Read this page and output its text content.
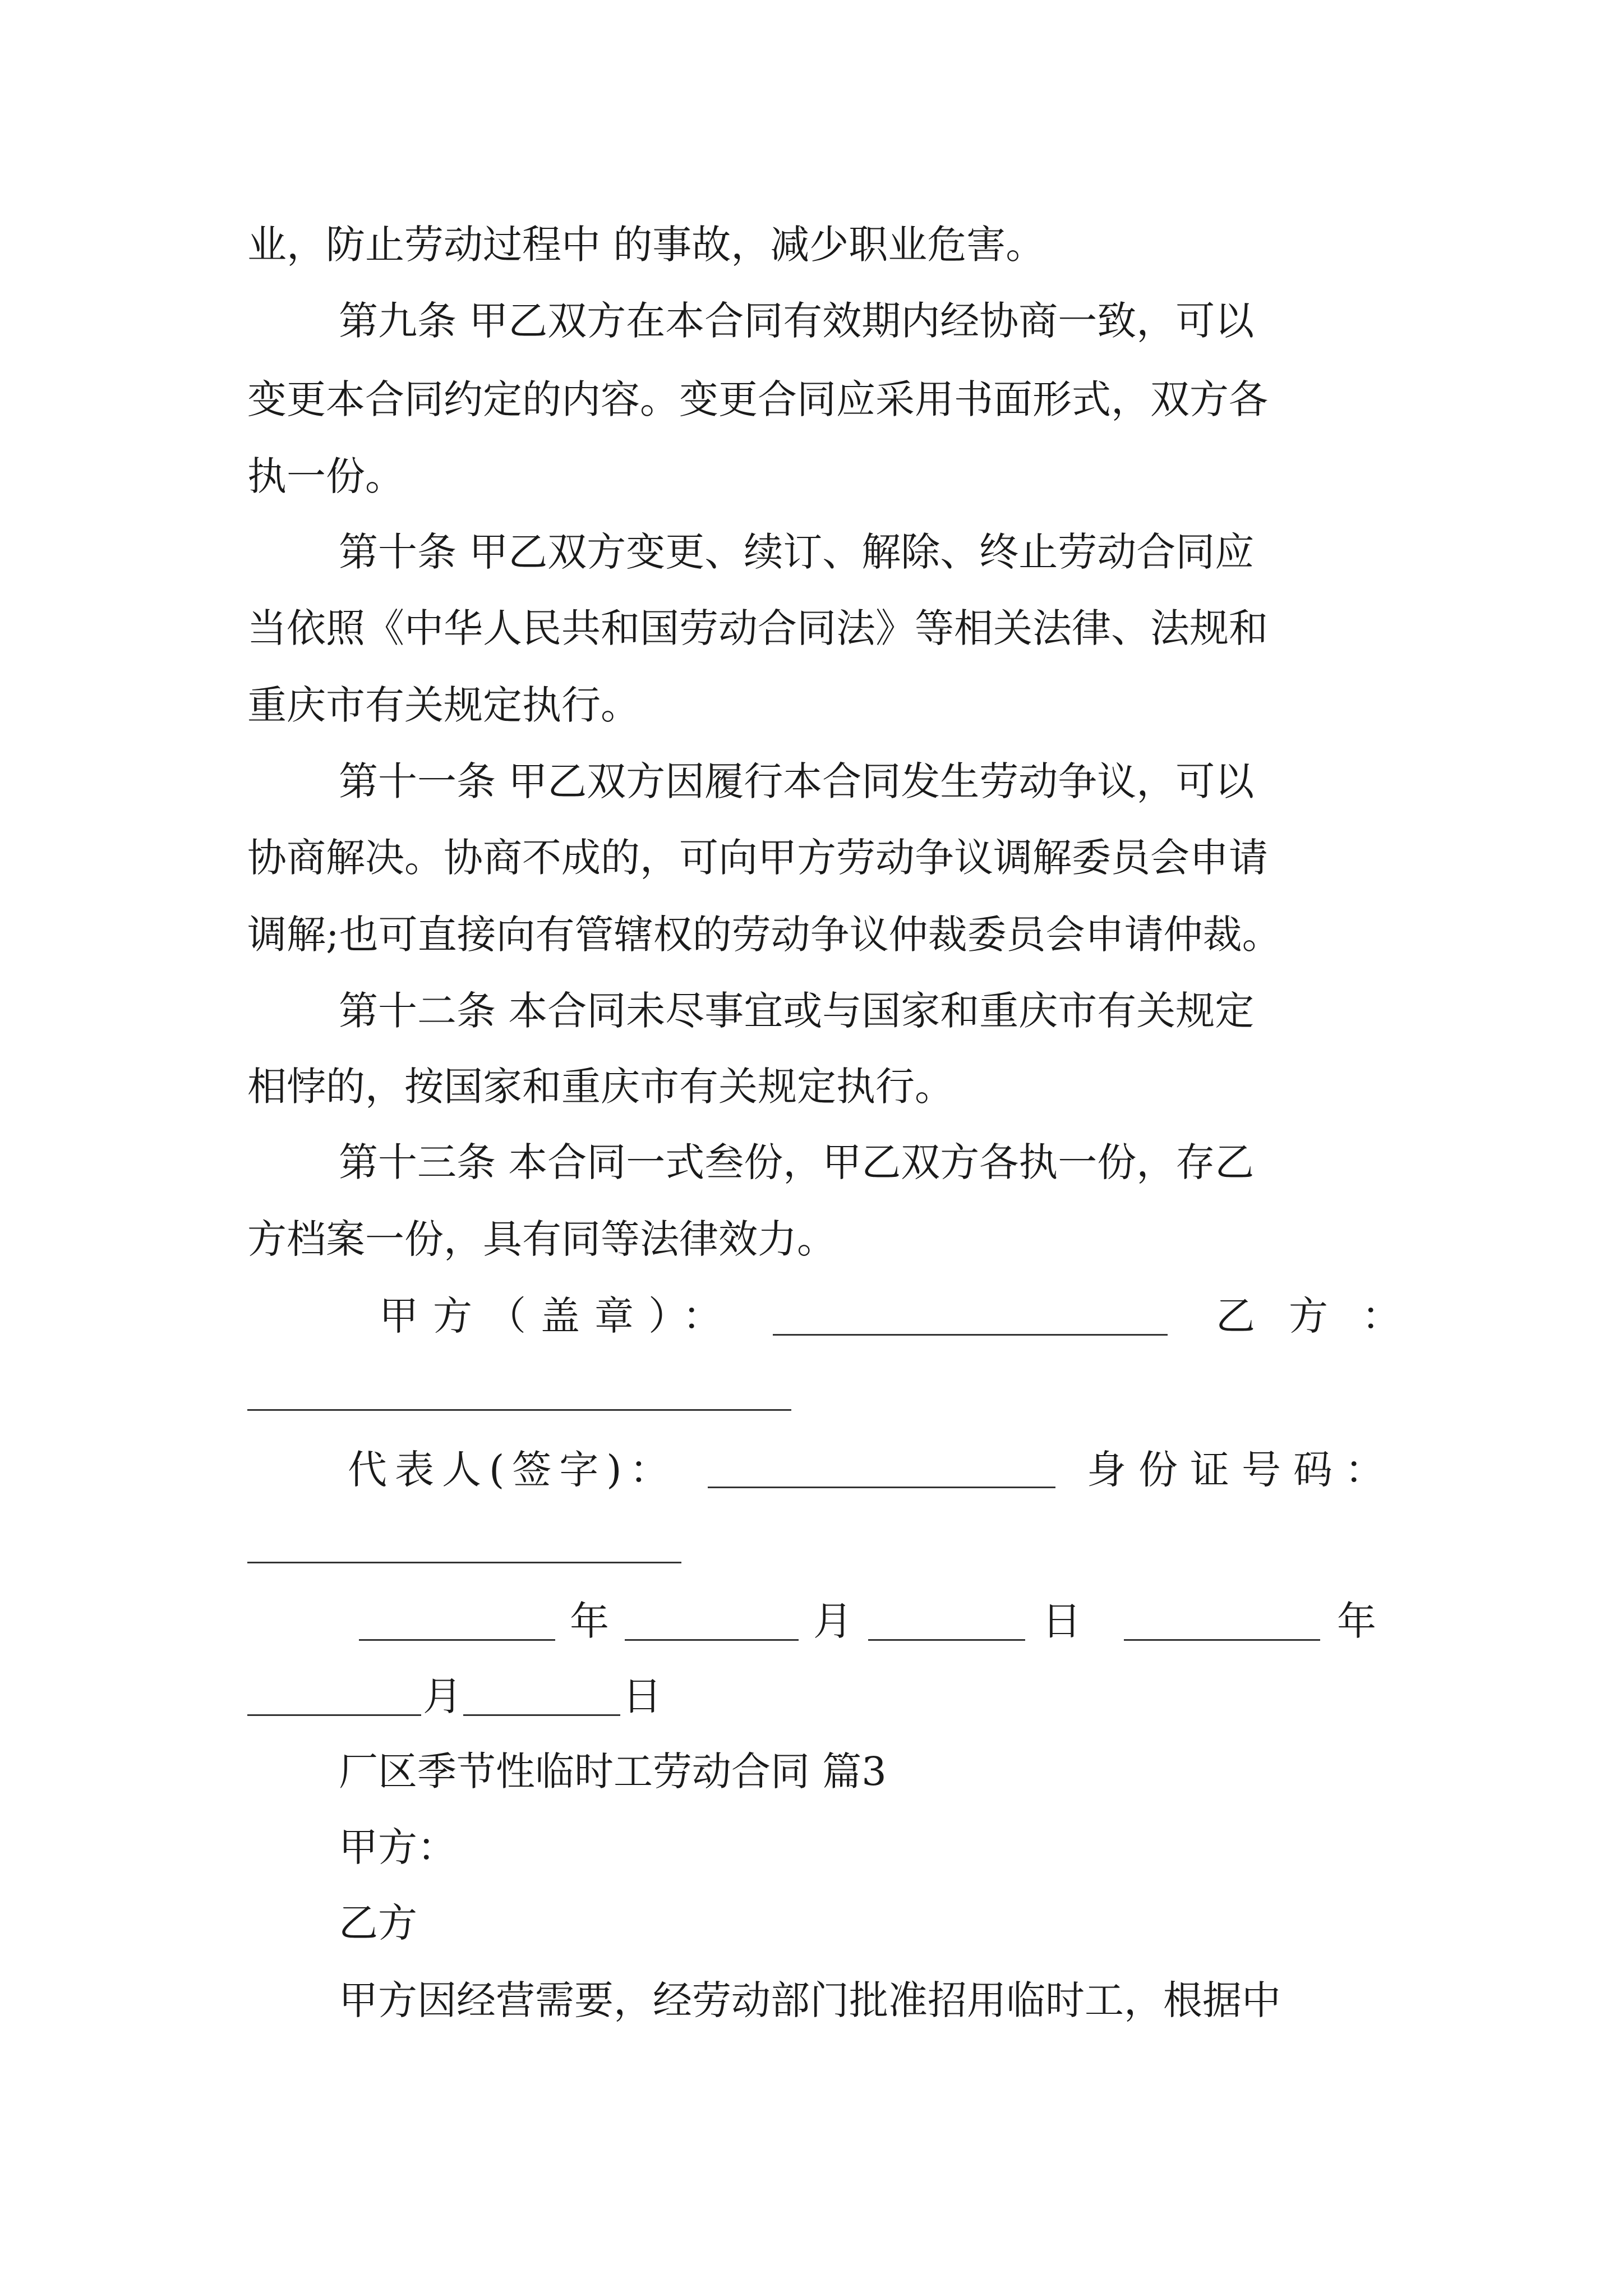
业，防止劳动过程中 的事故，减少职业危害。

第九条 甲乙双方在本合同有效期内经协商一致，可以

变更本合同约定的内容。变更合同应采用书面形式，双方各

执一份。

第十条 甲乙双方变更、续订、解除、终止劳动合同应

当依照《中华人民共和国劳动合同法》等相关法律、法规和

重庆市有关规定执行。

第十一条 甲乙双方因履行本合同发生劳动争议，可以

协商解决。协商不成的，可向甲方劳动争议调解委员会申请

调解;也可直接向有管辖权的劳动争议仲裁委员会申请仲裁。

第十二条 本合同未尽事宜或与国家和重庆市有关规定

相悖的，按国家和重庆市有关规定执行。

第十三条 本合同一式叁份，甲乙双方各执一份，存乙

方档案一份，具有同等法律效力。

甲方（盖章）：	乙方：
代表人(签字)：	身份证号码：
年	月	日	年
月	日

厂区季节性临时工劳动合同 篇3

甲方：

乙方

甲方因经营需要，经劳动部门批准招用临时工，根据中
